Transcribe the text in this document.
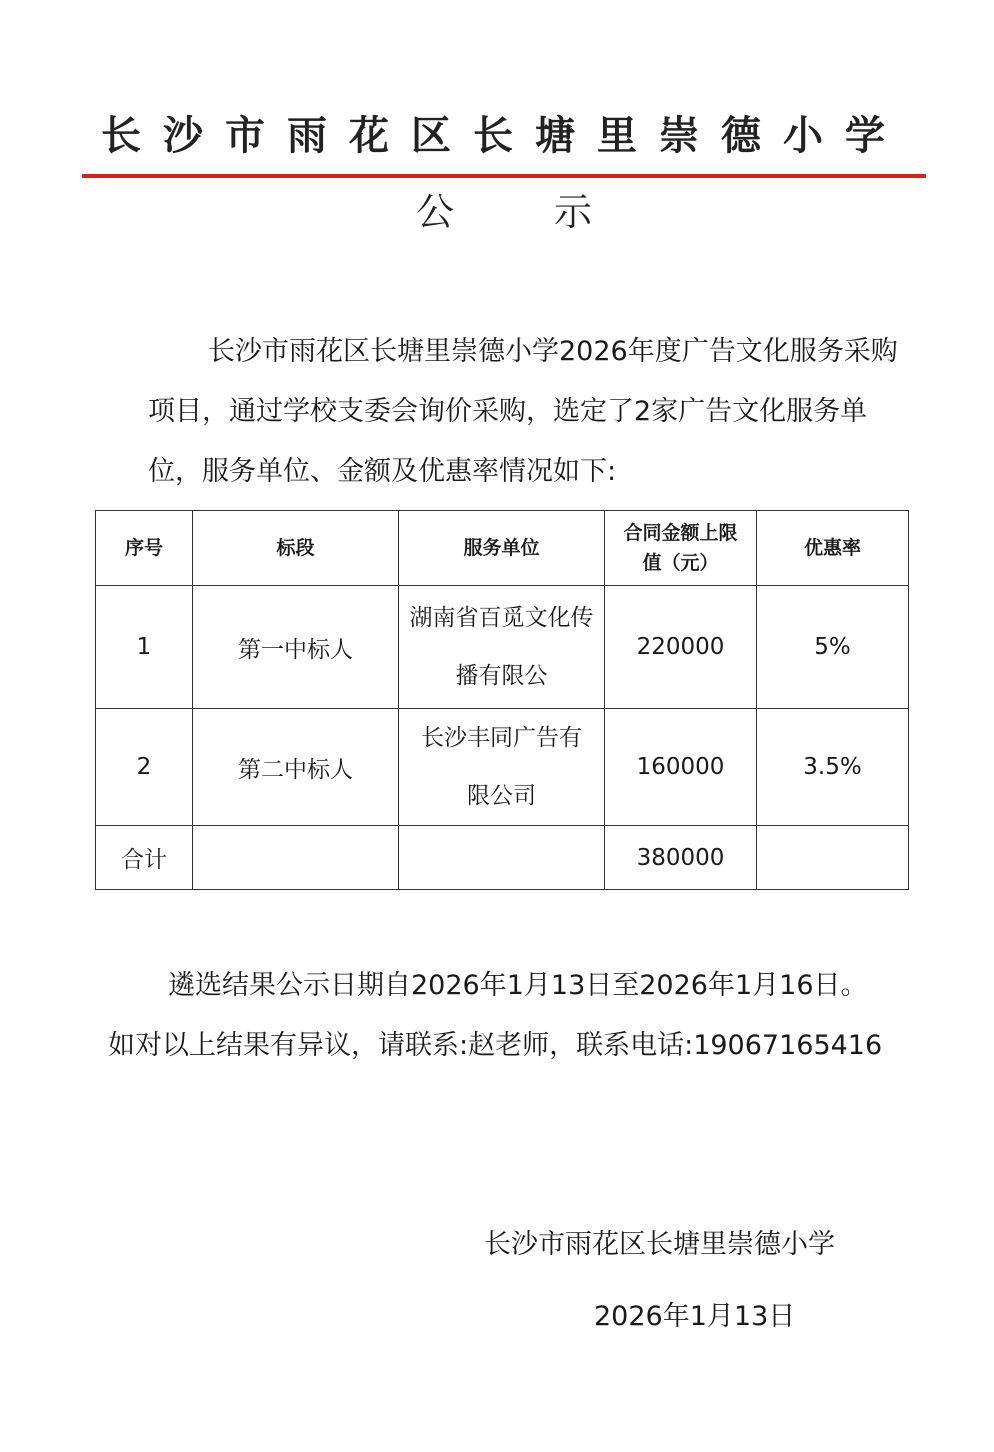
长沙市雨花区长塘里崇德小学
公示
长沙市雨花区长塘里崇德小学2026年度广告文化服务采购项目，通过学校支委会询价采购，选定了2家广告文化服务单位，服务单位、金额及优惠率情况如下:
序号	标段	服务单位	合同金额上限值（元）	优惠率
1	第一中标人	湖南省百觅文化传播有限公	220000	5%
2	第二中标人	长沙丰同广告有限公司	160000	3.5%
合计			380000	
遴选结果公示日期自2026年1月13日至2026年1月16日。如对以上结果有异议，请联系:赵老师，联系电话:19067165416
长沙市雨花区长塘里崇德小学
2026年1月13日
